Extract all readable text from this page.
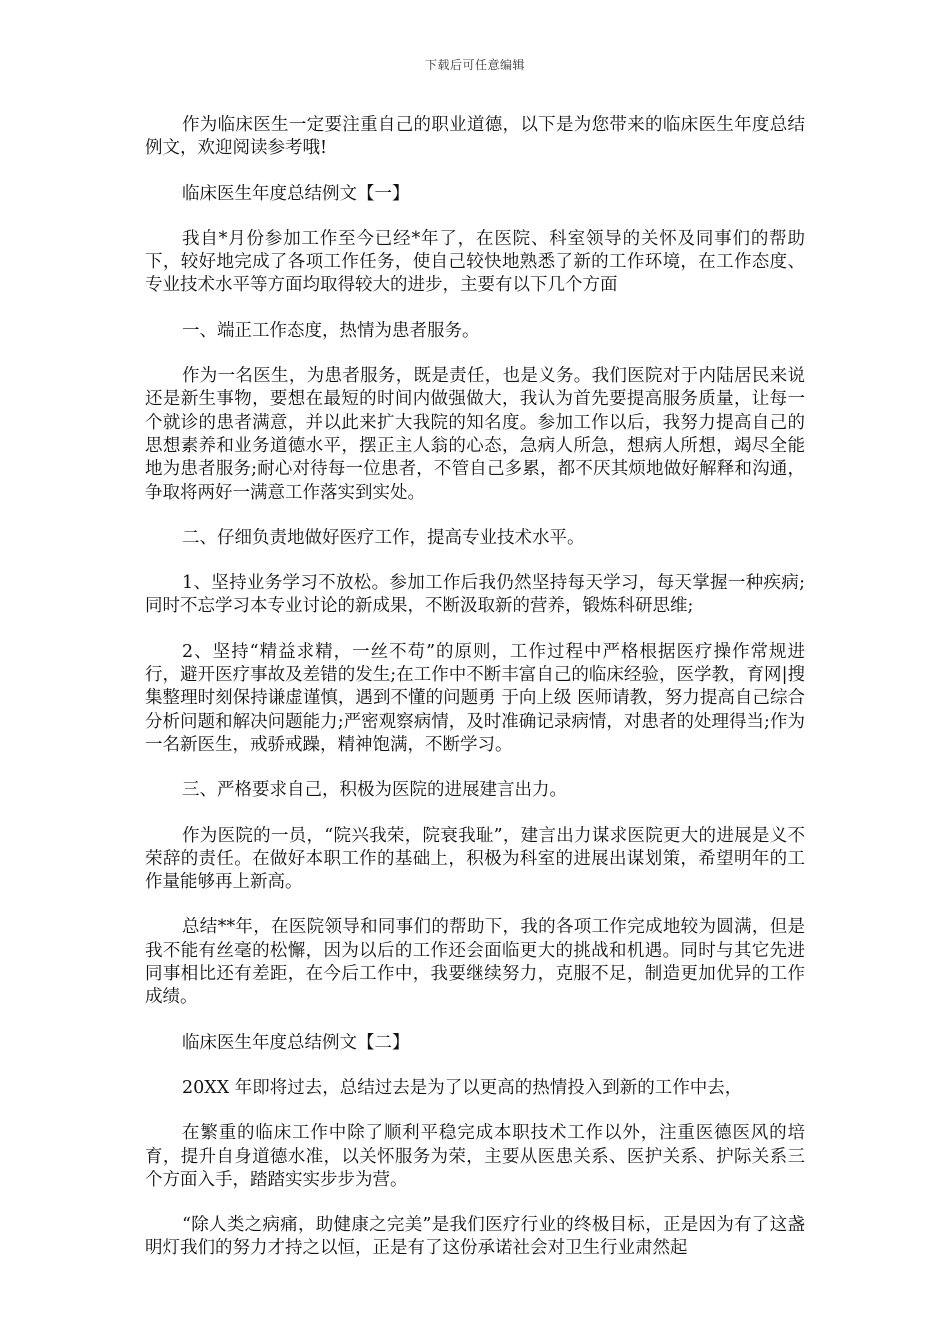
下载后可任意编辑

作为临床医生一定要注重自己的职业道德，以下是为您带来的临床医生年度总结例文，欢迎阅读参考哦!

临床医生年度总结例文【一】

我自*月份参加工作至今已经*年了，在医院、科室领导的关怀及同事们的帮助下，较好地完成了各项工作任务，使自己较快地熟悉了新的工作环境，在工作态度、专业技术水平等方面均取得较大的进步，主要有以下几个方面

一、端正工作态度，热情为患者服务。

作为一名医生，为患者服务，既是责任，也是义务。我们医院对于内陆居民来说还是新生事物，要想在最短的时间内做强做大，我认为首先要提高服务质量，让每一个就诊的患者满意，并以此来扩大我院的知名度。参加工作以后，我努力提高自己的思想素养和业务道德水平，摆正主人翁的心态，急病人所急，想病人所想，竭尽全能地为患者服务;耐心对待每一位患者，不管自己多累，都不厌其烦地做好解释和沟通，争取将两好一满意工作落实到实处。

二、仔细负责地做好医疗工作，提高专业技术水平。

1、坚持业务学习不放松。参加工作后我仍然坚持每天学习，每天掌握一种疾病;同时不忘学习本专业讨论的新成果，不断汲取新的营养，锻炼科研思维;

2、坚持“精益求精，一丝不苟”的原则，工作过程中严格根据医疗操作常规进行，避开医疗事故及差错的发生;在工作中不断丰富自己的临床经验，医学教，育网|搜集整理时刻保持谦虚谨慎，遇到不懂的问题勇 于向上级 医师请教，努力提高自己综合分析问题和解决问题能力;严密观察病情，及时准确记录病情，对患者的处理得当;作为一名新医生，戒骄戒躁，精神饱满，不断学习。

三、严格要求自己，积极为医院的进展建言出力。

作为医院的一员，“院兴我荣，院衰我耻”，建言出力谋求医院更大的进展是义不荣辞的责任。在做好本职工作的基础上，积极为科室的进展出谋划策，希望明年的工作量能够再上新高。

总结**年，在医院领导和同事们的帮助下，我的各项工作完成地较为圆满，但是我不能有丝毫的松懈，因为以后的工作还会面临更大的挑战和机遇。同时与其它先进同事相比还有差距，在今后工作中，我要继续努力，克服不足，制造更加优异的工作成绩。

临床医生年度总结例文【二】

20XX 年即将过去，总结过去是为了以更高的热情投入到新的工作中去，

在繁重的临床工作中除了顺利平稳完成本职技术工作以外，注重医德医风的培育，提升自身道德水准，以关怀服务为荣，主要从医患关系、医护关系、护际关系三个方面入手，踏踏实实步步为营。

“除人类之病痛，助健康之完美”是我们医疗行业的终极目标，正是因为有了这盏明灯我们的努力才持之以恒，正是有了这份承诺社会对卫生行业肃然起
